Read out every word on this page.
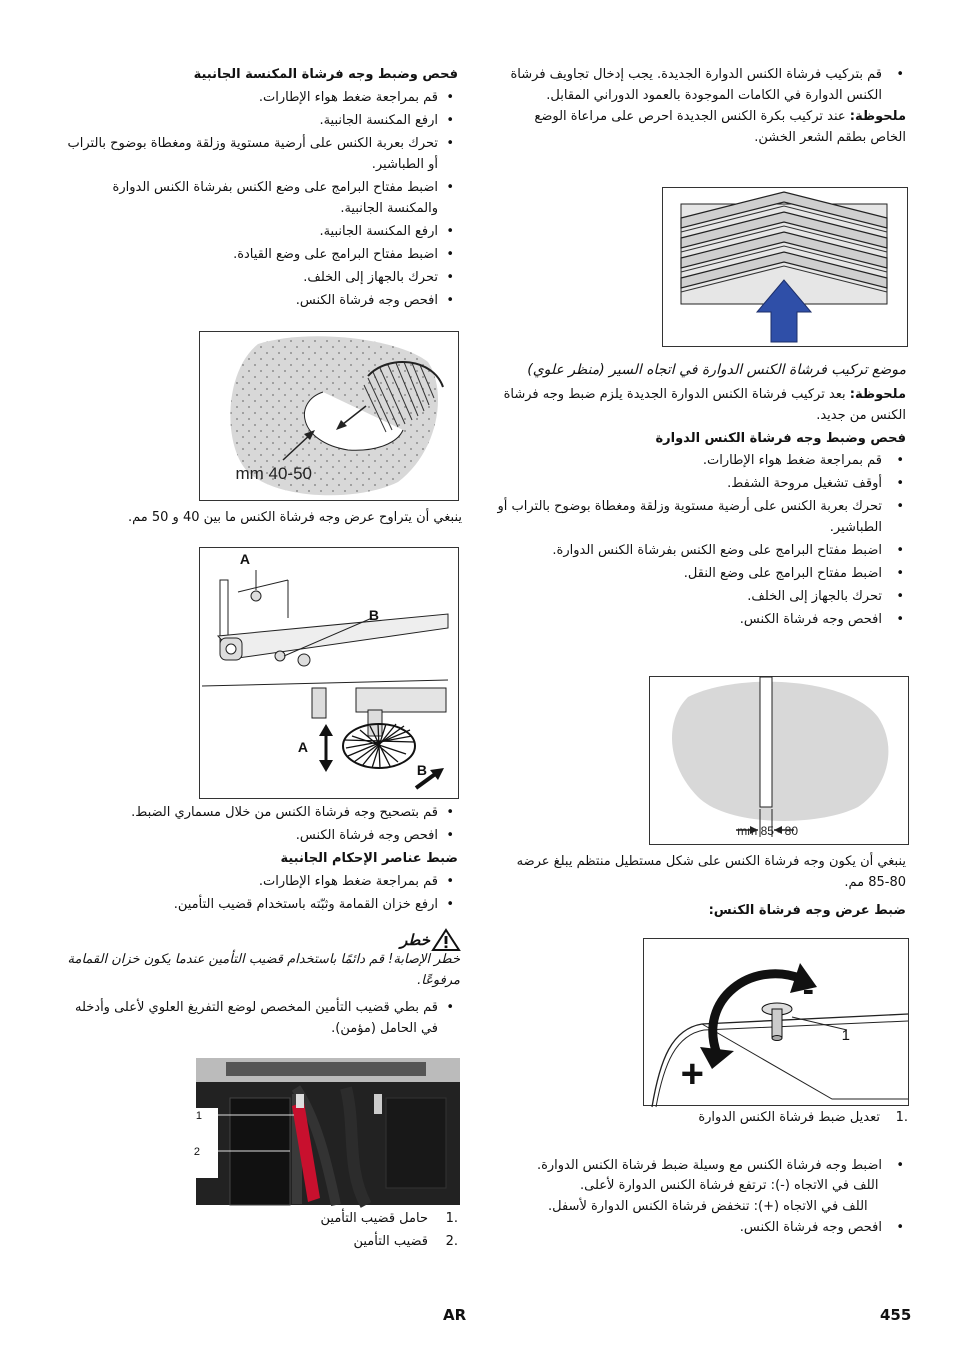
• قم بتركيب فرشاة الكنس الدوارة الجديدة. يجب إدخال تجاويف فرشاة الكنس الدوارة في الكامات الموجودة بالعمود الدوراني المقابل.

ملحوظة: عند تركيب بكرة الكنس الجديدة احرص على مراعاة الوضع الخاص بطقم الشعر الخشن.

موضع تركيب فرشاة الكنس الدوارة في اتجاه السير (منظر علوي)

ملحوظة: بعد تركيب فرشاة الكنس الدوارة الجديدة يلزم ضبط وجه فرشاة الكنس من جديد.

فحص وضبط وجه فرشاة الكنس الدوارة

• قم بمراجعة ضغط هواء الإطارات.
• أوقف تشغيل مروحة الشفط.
• تحرك بعربة الكنس على أرضية مستوية وزلقة ومغطاة بوضوح بالتراب أو الطباشير.
• اضبط مفتاح البرامج على وضع الكنس بفرشاة الكنس الدوارة.
• اضبط مفتاح البرامج على وضع النقل.
• تحرك بالجهاز إلى الخلف.
• افحص وجه فرشاة الكنس.
80 - 85 mm

ينبغي أن يكون وجه فرشاة الكنس على شكل مستطيل منتظم يبلغ عرضه 80-85 مم.

ضبط عرض وجه فرشاة الكنس:

-
+
1
1.
تعديل ضبط فرشاة الكنس الدوارة
• اضبط وجه فرشاة الكنس مع وسيلة ضبط فرشاة الكنس الدوارة.

اللف في الاتجاه (-): ترتفع فرشاة الكنس الدوارة لأعلى.

اللف في الاتجاه (+): تنخفض فرشاة الكنس الدوارة لأسفل.

• افحص وجه فرشاة الكنس.

فحص وضبط وجه فرشاة المكنسة الجانبية

• قم بمراجعة ضغط هواء الإطارات.
• ارفع المكنسة الجانبية.
• تحرك بعربة الكنس على أرضية مستوية وزلقة ومغطاة بوضوح بالتراب أو الطباشير.
• اضبط مفتاح البرامج على وضع الكنس بفرشاة الكنس الدوارة والمكنسة الجانبية.
• ارفع المكنسة الجانبية.
• اضبط مفتاح البرامج على وضع القيادة.
• تحرك بالجهاز إلى الخلف.
• افحص وجه فرشاة الكنس.
40-50 mm

ينبغي أن يتراوح عرض وجه فرشاة الكنس ما بين 40 و 50 مم.

A
B
A
B
• قم بتصحيح وجه فرشاة الكنس من خلال مسماري الضبط.
• افحص وجه فرشاة الكنس.

ضبط عناصر الإحكام الجانبية

• قم بمراجعة ضغط هواء الإطارات.
• ارفع خزان القمامة وثبّته باستخدام قضيب التأمين.
خطر

خطر الإصابة! قم دائمًا باستخدام قضيب التأمين عندما يكون خزان القمامة مرفوعًا.

• قم بطي قضيب التأمين المخصص لوضع التفريغ العلوي لأعلى وأدخله في الحامل (مؤمن).
1
2
1.
حامل قضيب التأمين
2.
قضيب التأمين
455
AR
